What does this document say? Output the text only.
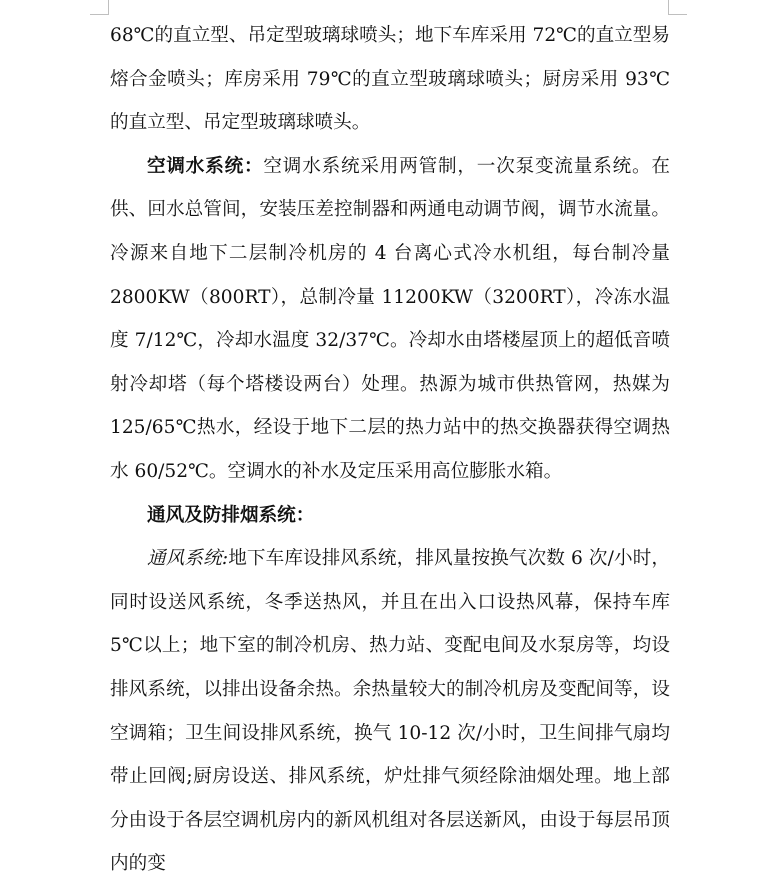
68℃的直立型、吊定型玻璃球喷头；地下车库采用 72℃的直立型易熔合金喷头；库房采用 79℃的直立型玻璃球喷头；厨房采用 93℃的直立型、吊定型玻璃球喷头。

空调水系统：空调水系统采用两管制，一次泵变流量系统。在供、回水总管间，安装压差控制器和两通电动调节阀，调节水流量。冷源来自地下二层制冷机房的 4 台离心式冷水机组，每台制冷量 2800KW（800RT），总制冷量 11200KW（3200RT），冷冻水温度 7/12℃，冷却水温度 32/37℃。冷却水由塔楼屋顶上的超低音喷射冷却塔（每个塔楼设两台）处理。热源为城市供热管网，热媒为 125/65℃热水，经设于地下二层的热力站中的热交换器获得空调热水 60/52℃。空调水的补水及定压采用高位膨胀水箱。

通风及防排烟系统：

通风系统:地下车库设排风系统，排风量按换气次数 6 次/小时，同时设送风系统，冬季送热风，并且在出入口设热风幕，保持车库 5℃以上；地下室的制冷机房、热力站、变配电间及水泵房等，均设排风系统，以排出设备余热。余热量较大的制冷机房及变配间等，设空调箱；卫生间设排风系统，换气 10-12 次/小时，卫生间排气扇均带止回阀;厨房设送、排风系统，炉灶排气须经除油烟处理。地上部分由设于各层空调机房内的新风机组对各层送新风，由设于每层吊顶内的变
